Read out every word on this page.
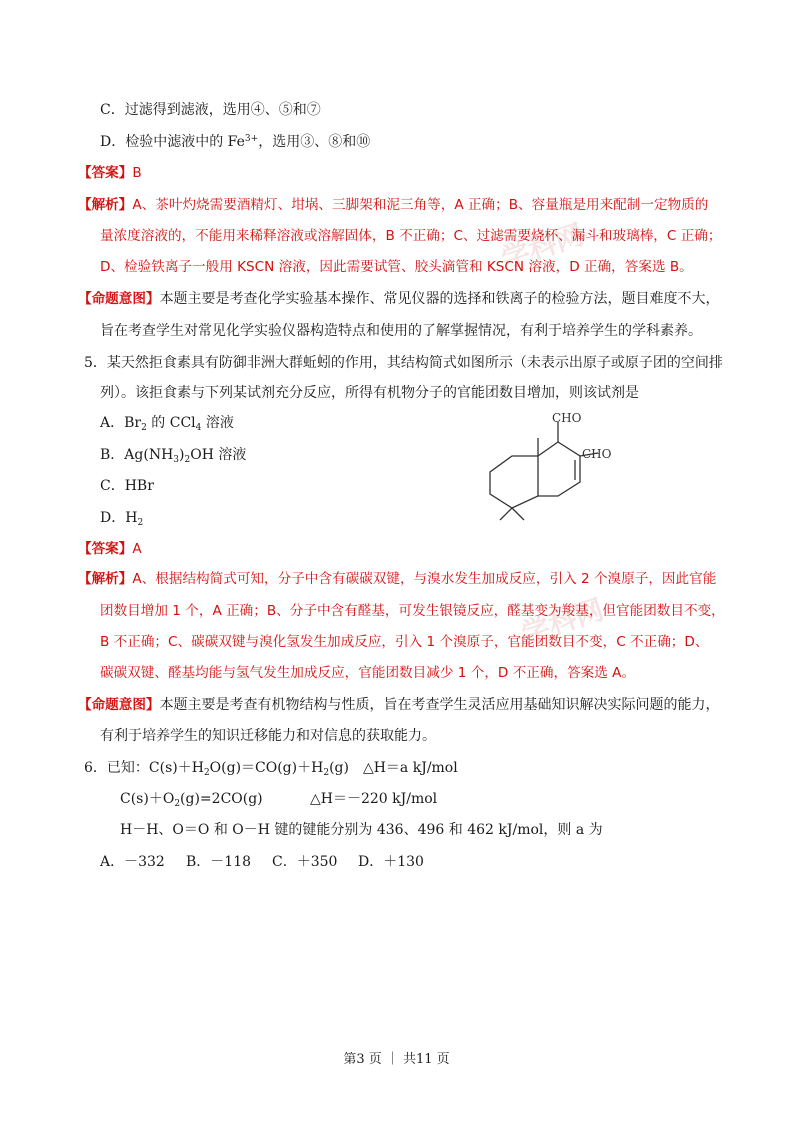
学科网
学科网
C．过滤得到滤液，选用④、⑤和⑦
D．检验中滤液中的 $Fe^{3+}$，选用③、⑧和⑩
【答案】B
【解析】A、茶叶灼烧需要酒精灯、坩埚、三脚架和泥三角等，A 正确；B、容量瓶是用来配制一定物质的
量浓度溶液的，不能用来稀释溶液或溶解固体，B 不正确；C、过滤需要烧杯、漏斗和玻璃棒，C 正确；
D、检验铁离子一般用 KSCN 溶液，因此需要试管、胶头滴管和 KSCN 溶液，D 正确，答案选 B。
【命题意图】本题主要是考查化学实验基本操作、常见仪器的选择和铁离子的检验方法，题目难度不大，
旨在考查学生对常见化学实验仪器构造特点和使用的了解掌握情况，有利于培养学生的学科素养。
5．某天然拒食素具有防御非洲大群蚯蚓的作用，其结构简式如图所示（未表示出原子或原子团的空间排
列）。该拒食素与下列某试剂充分反应，所得有机物分子的官能团数目增加，则该试剂是
A．$Br_2$ 的 CCl$_4$ 溶液
B．$Ag(NH_3)_2OH$ 溶液
C．HBr
D．$H_2$
CHO
CHO
【答案】A
【解析】A、根据结构简式可知，分子中含有碳碳双键，与溴水发生加成反应，引入 2 个溴原子，因此官能
团数目增加 1 个，A 正确；B、分子中含有醛基，可发生银镜反应，醛基变为羧基，但官能团数目不变，
B 不正确；C、碳碳双键与溴化氢发生加成反应，引入 1 个溴原子，官能团数目不变，C 不正确；D、
碳碳双键、醛基均能与氢气发生加成反应，官能团数目减少 1 个，D 不正确，答案选 A。
【命题意图】本题主要是考查有机物结构与性质，旨在考查学生灵活应用基础知识解决实际问题的能力，
有利于培养学生的知识迁移能力和对信息的获取能力。
6．已知：$C(s)+H_2O(g)=CO(g)+H_2(g)$　△H＝a kJ/mol
$C(s)+O_2(g)=2CO(g)$	△H＝－220 kJ/mol
H－H、O＝O 和 O－H 键的键能分别为 436、496 和 462 kJ/mol，则 a 为
A．－332 B．－118 C．＋350 D．＋130
第3 页 ｜ 共11 页
